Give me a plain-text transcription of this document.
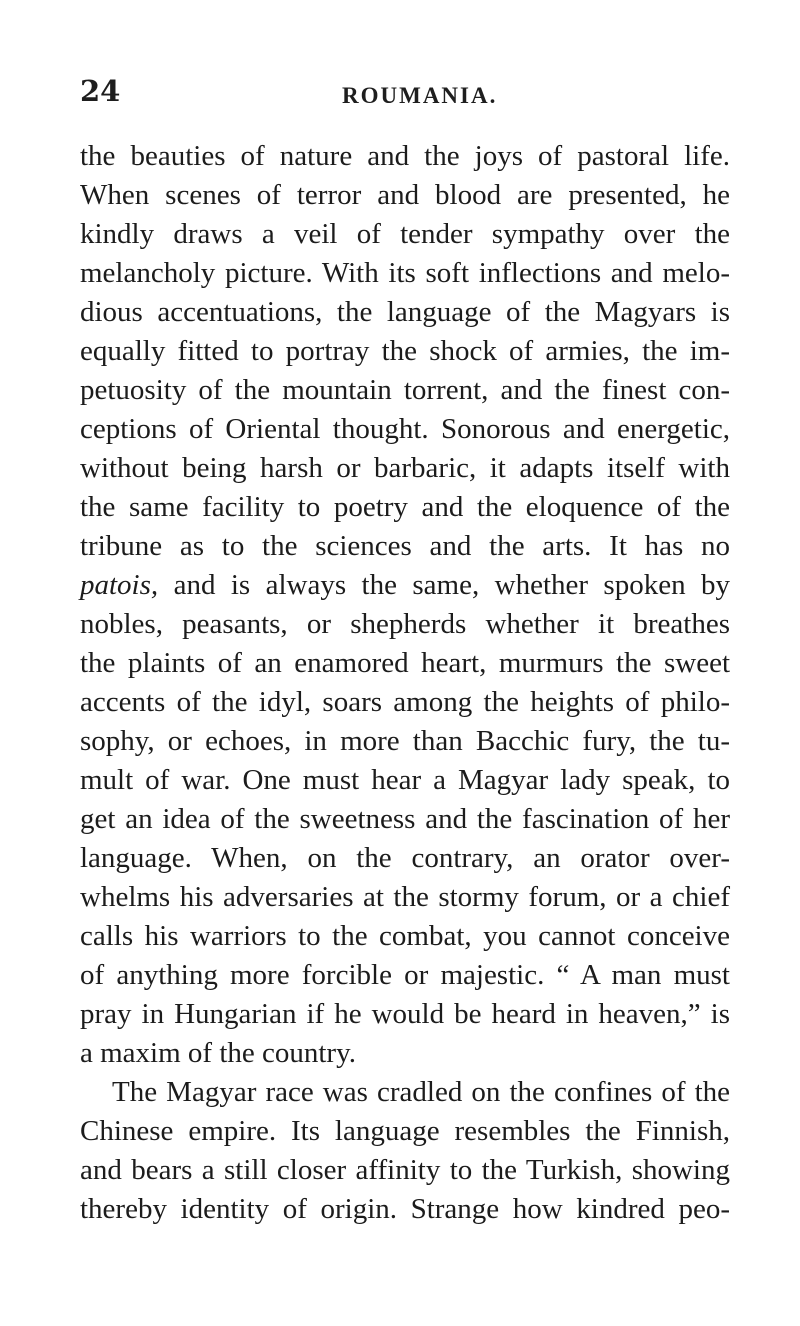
24	ROUMANIA.
the beauties of nature and the joys of pastoral life.
When scenes of terror and blood are presented, he
kindly draws a veil of tender sympathy over the
melancholy picture. With its soft inflections and melo-
dious accentuations, the language of the Magyars is
equally fitted to portray the shock of armies, the im-
petuosity of the mountain torrent, and the finest con-
ceptions of Oriental thought. Sonorous and energetic,
without being harsh or barbaric, it adapts itself with
the same facility to poetry and the eloquence of the
tribune as to the sciences and the arts. It has no
patois, and is always the same, whether spoken by
nobles, peasants, or shepherds whether it breathes
the plaints of an enamored heart, murmurs the sweet
accents of the idyl, soars among the heights of philo-
sophy, or echoes, in more than Bacchic fury, the tu-
mult of war. One must hear a Magyar lady speak, to
get an idea of the sweetness and the fascination of her
language. When, on the contrary, an orator over-
whelms his adversaries at the stormy forum, or a chief
calls his warriors to the combat, you cannot conceive
of anything more forcible or majestic. “ A man must
pray in Hungarian if he would be heard in heaven,” is
a maxim of the country.
The Magyar race was cradled on the confines of the
Chinese empire. Its language resembles the Finnish,
and bears a still closer affinity to the Turkish, showing
thereby identity of origin. Strange how kindred peo-
